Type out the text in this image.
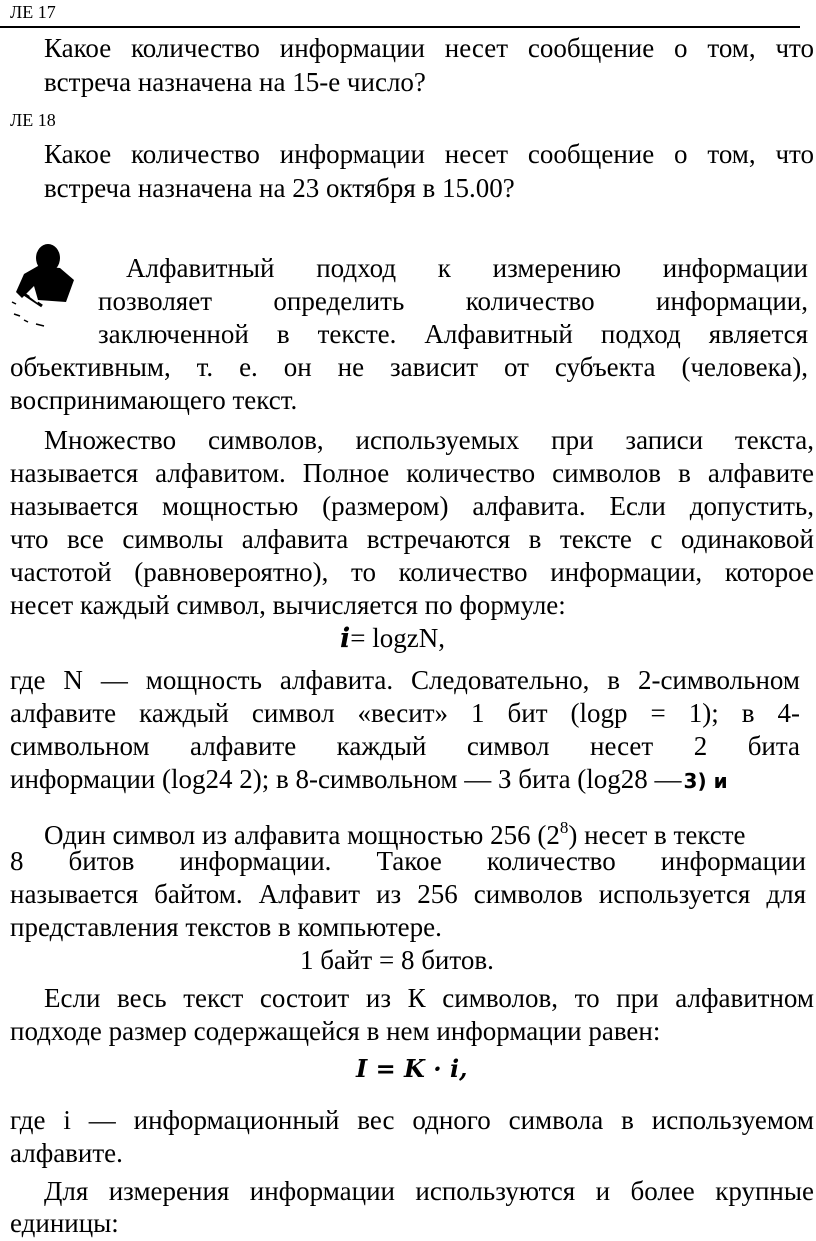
ЛЕ 17
Какое количество информации несет сообщение о том, что
встреча назначена на 15-е число?
ЛЕ 18
Какое количество информации несет сообщение о том, что
встреча назначена на 23 октября в 15.00?
Алфавитный подход к измерению информации
позволяет определить количество информации,
заключенной в тексте. Алфавитный подход является
объективным, т. е. он не зависит от субъекта (человека),
воспринимающего текст.
Множество символов, используемых при записи текста,
называется алфавитом. Полное количество символов в алфавите
называется мощностью (размером) алфавита. Если допустить,
что все символы алфавита встречаются в тексте с одинаковой
частотой (равновероятно), то количество информации, которое
несет каждый символ, вычисляется по формуле:
i= logzN,
где N — мощность алфавита. Следовательно, в 2-символьном
алфавите каждый символ «весит» 1 бит (logp = 1); в 4-
символьном алфавите каждый символ несет 2 бита
информации (log24 2); в 8-символьном — З бита (log28 — 3) и
Один символ из алфавита мощностью 256 $(2^8)$ несет в тексте
8 битов информации. Такое количество информации
называется байтом. Алфавит из 256 символов используется для
представления текстов в компьютере.
1 байт = 8 битов.
Если весь текст состоит из К символов, то при алфавитном
подходе размер содержащейся в нем информации равен:
I = K · i,
где i — информационный вес одного символа в используемом
алфавите.
Для измерения информации используются и более крупные
единицы:
